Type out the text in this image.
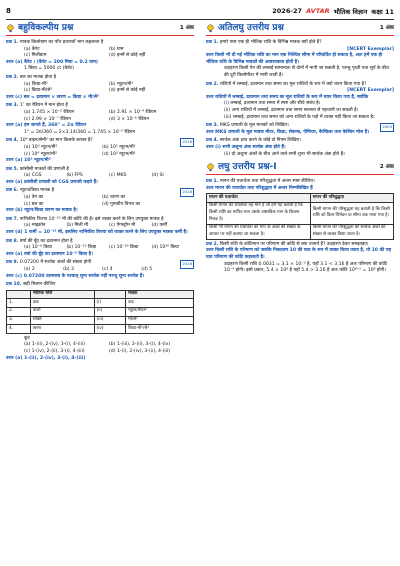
8	2026-27 AVTAR भौतिक विज्ञान कक्षा 11
बहुविकल्पीय प्रश्न	1 अंक
प्रश्न 1. मात्रक किलोग्राम का पाँच हजारवाँ भाग कहलाता है
(a) कैरेट	(b) ग्राम
(c) मिलीग्राम	(d) इनमें से कोई नहीं
उत्तर (a) कैरेट । (कैरेट = 200 मिग्रा = 0.2 ग्राम)
1 किग्रा = 5000 ct (कैरेट)
प्रश्न 2. बल का मात्रक होता है
(a) किग्रा-मी²	(b) न्यूटन/मी²
(c) किग्रा-मी/से²	(d) इनमें से कोई नहीं
उत्तर (c) बल = द्रव्यमान × त्वरण = किग्रा × मी/से²
प्रश्न 3. 1″ का रेडियन में मान होता है
(a) 1.745 × 10⁻² रेडियन	(b) 2.91 × 10⁻⁴ रेडियन
(c) 2.99 × 10⁻⁷ रेडियन	(d) 3 × 10⁻⁶ रेडियन
उत्तर (a) हम जानते हैं, 360° = 2π रेडियन
1° = 2π/360 = 2×3.14/360 = 1.745 × 10⁻² रेडियन
2016
प्रश्न 4. 10⁴ डाइन/सेमी² का मान किसके बराबर है?
(a) 10³ न्यूटन/मी²	(b) 10⁵ न्यूटन/मी²
(c) 10⁴ न्यूटन/मी²	(d) 10² न्यूटन/मी²
उत्तर (a) 10³ न्यूटन/मी²
प्रश्न 5. फ्रांसीसी मात्रकों की प्रणाली है
(a) CGS	(b) FPS	(c) MKS	(d) SI
उत्तर (a) फ्रांसीसी प्रणाली को CGS प्रणाली कहते हैं।
2018
प्रश्न 6. न्यूटन/किग्रा मात्रक है
(a) वेग का	(b) त्वरण का
(c) बल का	(d) गुरुत्वीय विभव का
उत्तर (b) न्यूटन/किग्रा त्वरण का मात्रक है।
प्रश्न 7. नाभिकीय त्रिज्या 10⁻¹⁵ मी की कोटि की है। इसे व्यक्त करने के लिए उपयुक्त मात्रक है
(a) माइक्रोन	(b) मिली मी	(c) ऐंगस्ट्रॉम मी	(d) फर्मी
उत्तर (d) 1 फर्मी = 10⁻¹⁵ मी, इसलिए नाभिकीय त्रिज्या को व्यक्त करने के लिए उपयुक्त मात्रक फर्मी है।
प्रश्न 8. वर्षा की बूँद का द्रव्यमान होता है
(a) 10⁻⁶ किग्रा	(b) 10⁻¹⁰ किग्रा	(c) 10⁻²⁰ किग्रा	(d) 10³⁰ किग्रा
उत्तर (a) वर्षा की बूँद का द्रव्यमान 10⁻⁶ किग्रा है।
2016
प्रश्न 9. 0.07200 में सार्थक अंकों की संख्या होगी
(a) 2	(b) 3	(c) 4	(d) 5
उत्तर (c) 0.07200 दशमलव के पश्चात् शून्य सार्थक नहीं परन्तु शून्य सार्थक हैं।
प्रश्न 10. सही मिलान कीजिए
	भौतिक राशि		मात्रक
1.	दाब	(i)	वाट
2.	ऊर्जा	(ii)	न्यूटन/मीटर²
3.	शक्ति	(iii)	मी/से²
4.	त्वरण	(iv)	किग्रा-मी²/से²
कूट
(a) 1-(ii), 2-(iv), 3-(i), 4-(iii)	(b) 1-(iii), 2-(ii), 3-(i), 4-(iv)
(c) 1-(iv), 2-(ii), 3-(i), 4-(iii)	(d) 1-(i), 2-(iv), 3-(ii), 4-(iii)
उत्तर (a) 1-(ii), 2-(iv), 3-(i), 4-(iii)
अतिलघु उत्तरीय प्रश्न	1 अंक
प्रश्न 1. हमारे पास एक ही भौतिक राशि के विभिन्न मात्रक क्यों होते हैं?
[NCERT Exemplar]
उत्तर किसी भी दी गई भौतिक राशि का मान एक निश्चित सीमा में परिवर्तित हो सकता है, अतः हमें एक ही भौतिक राशि के विभिन्न मात्रकों की आवश्यकता होती है।
उदाहरण किसी पेन की लम्बाई सामान्यतः से दोनों में मापी जा सकती है, परन्तु पृथ्वी तथा सूर्य के बीच की दूरी किलोमीटर में मापी जाती है।
प्रश्न 2. राशियों में लम्बाई, द्रव्यमान तथा समय का मूल राशियों के रूप में क्यों चयन किया गया है?
[NCERT Exemplar]
उत्तर राशियों में लम्बाई, द्रव्यमान तथा समय का मूल राशियों के रूप में चयन किया गया है, क्योंकि
(i) लम्बाई, द्रव्यमान तथा समय में स्पष्ट और सीधे संबंध है।
(ii) अन्य राशियों में लम्बाई, द्रव्यमान तथा समय सरलता से पहचानी जा सकती है।
(iii) लम्बाई, द्रव्यमान तथा समय को अन्य राशियों के पदों में व्यक्त नहीं किया जा सकता है।
2005
प्रश्न 3. MKS प्रणाली के मूल मात्रकों को लिखिए।
उत्तर MKS प्रणाली के मूल मात्रक मीटर, किग्रा, सेकण्ड, ऐम्पियर, कैण्डिला तथा केल्विन मोल हैं।
प्रश्न 4. सार्थक अंक ज्ञात करने के कोई दो नियम लिखिए।
उत्तर (i) सभी अशून्य अंक सार्थक अंक होते हैं।
(ii) दो अशून्य अंकों के बीच आने वाले सभी शून्य भी सार्थक अंक होते हैं।
लघु उत्तरीय प्रश्न-I	2 अंक
प्रश्न 1. मापन की यथार्थता तथा परिशुद्धता में अन्तर स्पष्ट कीजिए।
उत्तर मापन की यथार्थता तथा परिशुद्धता में अन्तर निम्नलिखित हैं
मापन की यथार्थता	मापन की परिशुद्धता
किसी मापन की यथार्थता वह मान है जो हमें यह बताती है कि किसी राशि का मापित मान उसके वास्तविक मान के कितना निकट है।	किसी मापन की परिशुद्धता यह बताती है कि किसी राशि को किस विभेदन या सीमा तक मापा गया है।
किसी भी मापन की यथार्थता को माप के अंकों की संख्या के आधार पर नहीं बताया जा सकता है।	किसी मापन की परिशुद्धता को सार्थक अंकों की संख्या से व्यक्त किया जाता है।
प्रश्न 2. किसी राशि के कोटिमान पर परिणाम की कोटि से क्या तात्पर्य है? उदाहरण देकर समझाइए।
उत्तर किसी राशि के परिमाण को जबकि निकटतम 10 की घात के रूप में व्यक्त किया जाता है, तो 10 की यह घात परिमाण की कोटि कहलाती है।
उदाहरण किसी राशि 0.0031 = 3.1 × 10⁻³ है, यहाँ 3.1 < 3.16 है अतः परिमाण की कोटि 10⁻³ होगी। इसी प्रकार, 5.4 × 10⁸ है यहाँ 5.4 > 3.16 है अतः कोटि 10⁸⁺¹ = 10⁹ होगी।
